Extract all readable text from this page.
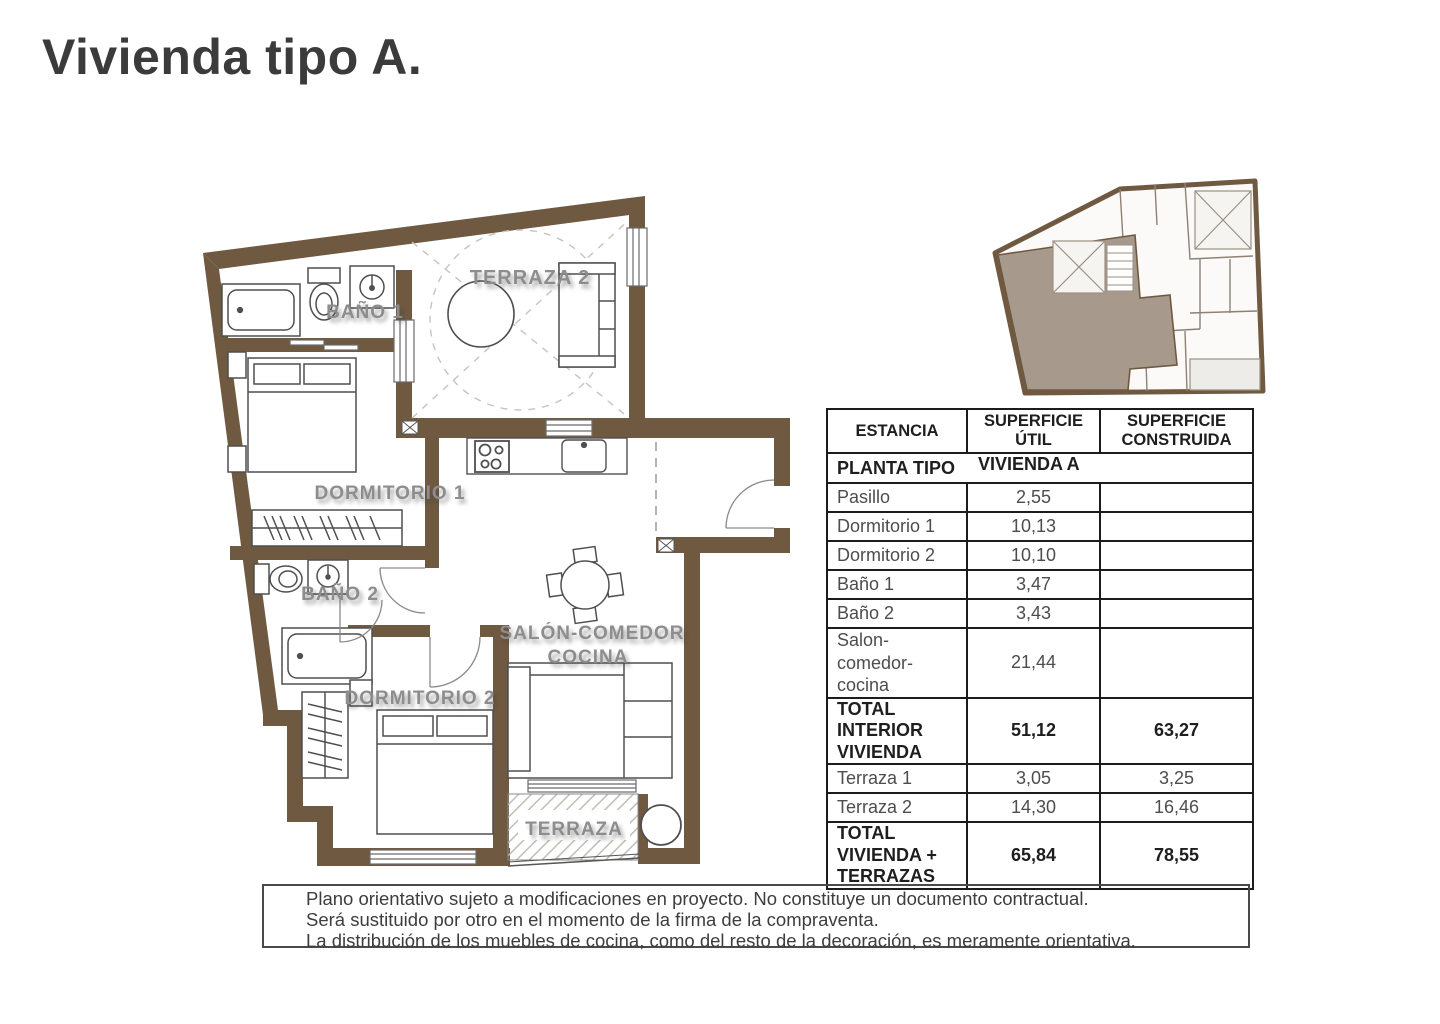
Vivienda tipo A.
TERRAZA 2
BAÑO 1
DORMITORIO 1
BAÑO 2
SALÓN-COMEDOR
COCINA
DORMITORIO 2
TERRAZA
ESTANCIA	SUPERFICIE ÚTIL	SUPERFICIE CONSTRUIDA
PLANTA TIPO VIVIENDA A		

Pasillo	2,55	
Dormitorio 1	10,13	
Dormitorio 2	10,10	
Baño 1	3,47	
Baño 2	3,43	
Salon-comedor-cocina	21,44	
TOTAL INTERIOR VIVIENDA	51,12	63,27
Terraza 1	3,05	3,25
Terraza 2	14,30	16,46
TOTAL VIVIENDA + TERRAZAS	65,84	78,55
Plano orientativo sujeto a modificaciones en proyecto. No constituye un documento contractual.
Será sustituido por otro en el momento de la firma de la compraventa.
La distribución de los muebles de cocina, como del resto de la decoración, es meramente orientativa.
